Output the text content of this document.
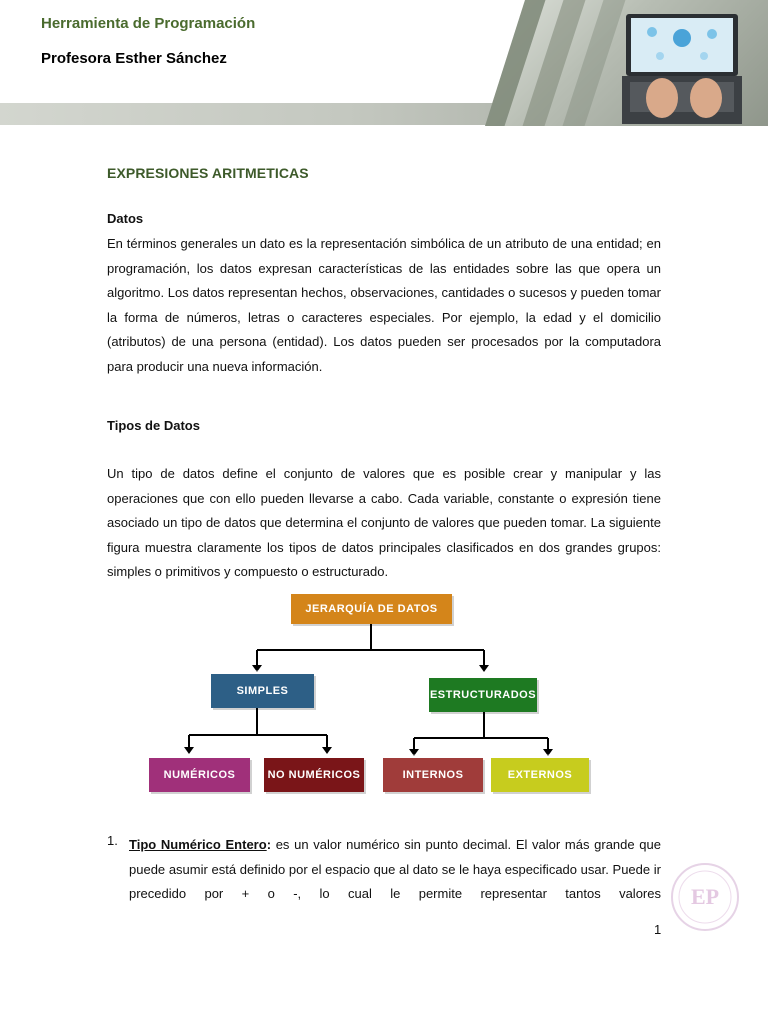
Herramienta de Programación
Profesora Esther Sánchez
EXPRESIONES ARITMETICAS
Datos
En términos generales un dato es la representación simbólica de un atributo de una entidad; en programación, los datos expresan características de las entidades sobre las que opera un algoritmo. Los datos representan hechos, observaciones, cantidades o sucesos y pueden tomar la forma de números, letras o caracteres especiales. Por ejemplo, la edad y el domicilio (atributos) de una persona (entidad). Los datos pueden ser procesados por la computadora para producir una nueva información.
Tipos de Datos
Un tipo de datos define el conjunto de valores que es posible crear y manipular y las operaciones que con ello pueden llevarse a cabo. Cada variable, constante o expresión tiene asociado un tipo de datos que determina el conjunto de valores que pueden tomar. La siguiente figura muestra claramente los tipos de datos principales clasificados en dos grandes grupos: simples o primitivos y compuesto o estructurado.
JERARQUÍA DE DATOS
SIMPLES	ESTRUCTURADOS
NUMÉRICOS	NO NUMÉRICOS	INTERNOS	EXTERNOS
1. Tipo Numérico Entero: es un valor numérico sin punto decimal. El valor más grande que puede asumir está definido por el espacio que al dato se le haya especificado usar. Puede ir precedido por + o -, lo cual le permite representar tantos valores EP
1
